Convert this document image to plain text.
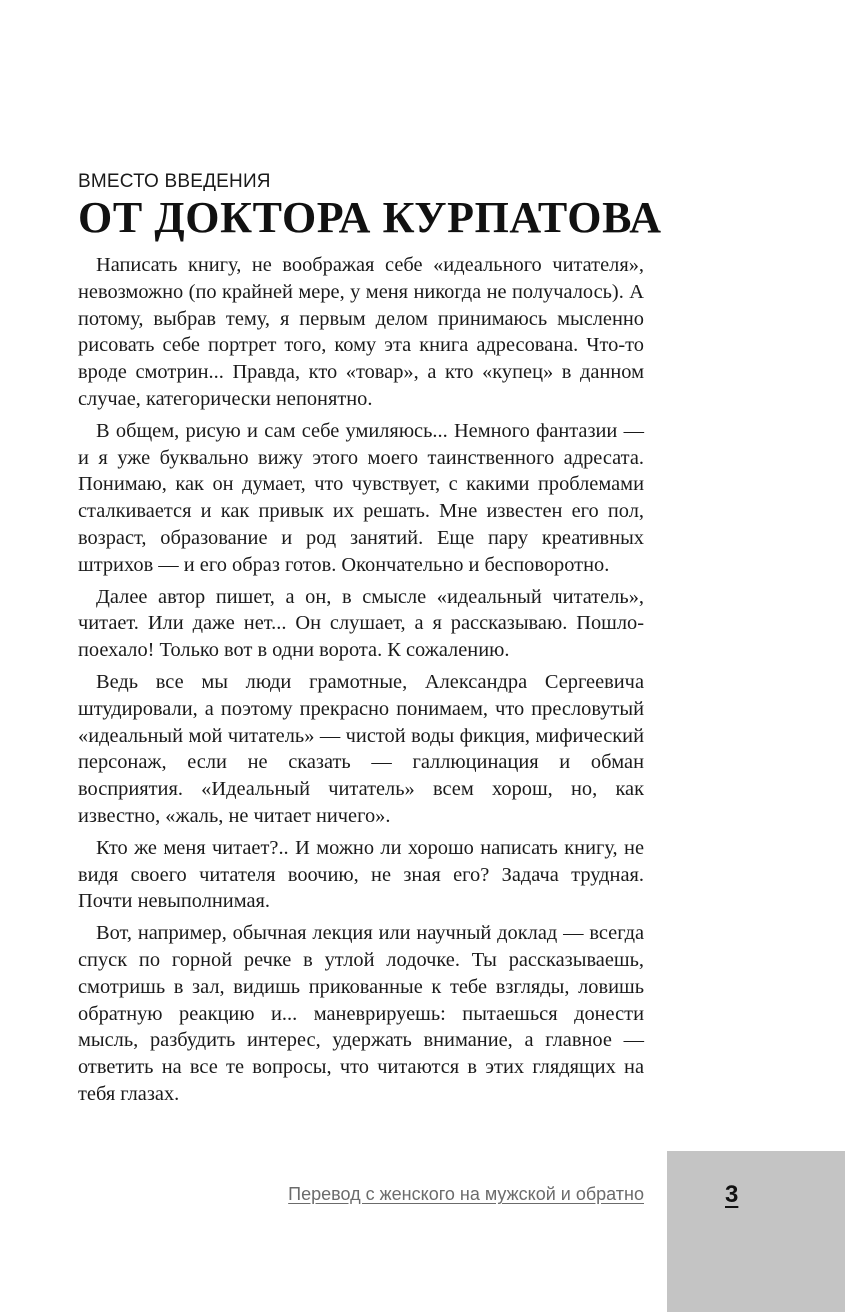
ВМЕСТО ВВЕДЕНИЯ
ОТ ДОКТОРА КУРПАТОВА

Написать книгу, не воображая себе «идеального читателя», невозможно (по крайней мере, у меня никогда не получалось). А потому, выбрав тему, я первым делом принимаюсь мысленно рисовать себе портрет того, кому эта книга адресована. Что-то вроде смотрин... Правда, кто «товар», а кто «купец» в данном случае, категорически непонятно.

В общем, рисую и сам себе умиляюсь... Немного фантазии — и я уже буквально вижу этого моего таинственного адресата. Понимаю, как он думает, что чувствует, с какими проблемами сталкивается и как привык их решать. Мне известен его пол, возраст, образование и род занятий. Еще пару креативных штрихов — и его образ готов. Окончательно и бесповоротно.

Далее автор пишет, а он, в смысле «идеальный читатель», читает. Или даже нет... Он слушает, а я рассказываю. Пошло-поехало! Только вот в одни ворота. К сожалению.

Ведь все мы люди грамотные, Александра Сергеевича штудировали, а поэтому прекрасно понимаем, что пресловутый «идеальный мой читатель» — чистой воды фикция, мифический персонаж, если не сказать — галлюцинация и обман восприятия. «Идеальный читатель» всем хорош, но, как известно, «жаль, не читает ничего».

Кто же меня читает?.. И можно ли хорошо написать книгу, не видя своего читателя воочию, не зная его? Задача трудная. Почти невыполнимая.

Вот, например, обычная лекция или научный доклад — всегда спуск по горной речке в утлой лодочке. Ты рассказываешь, смотришь в зал, видишь прикованные к тебе взгляды, ловишь обратную реакцию и... маневрируешь: пытаешься донести мысль, разбудить интерес, удержать внимание, а главное — ответить на все те вопросы, что читаются в этих глядящих на тебя глазах.

Перевод с женского на мужской и обратно	3
